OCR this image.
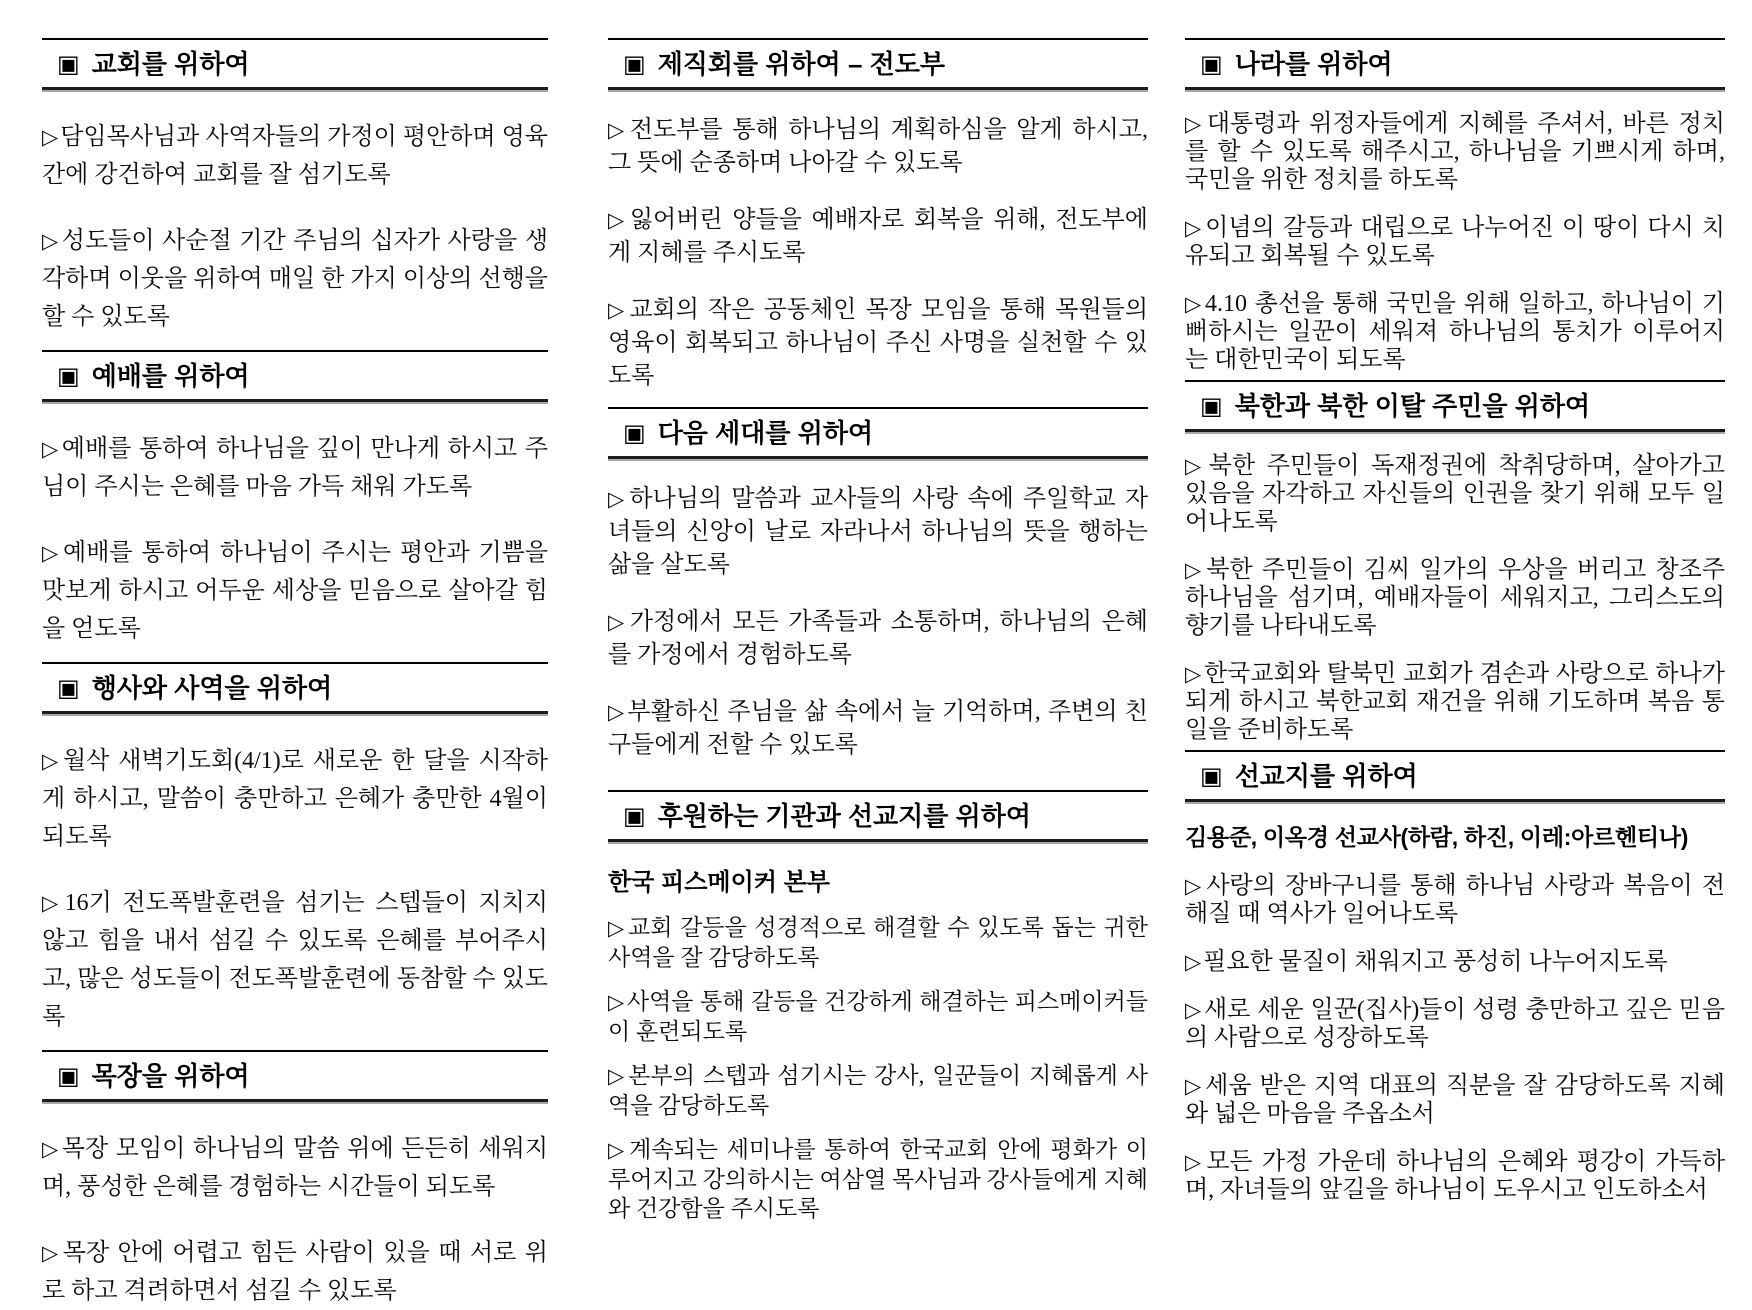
▣ 교회를 위하여

▷담임목사님과 사역자들의 가정이 평안하며 영육 간에 강건하여 교회를 잘 섬기도록

▷성도들이 사순절 기간 주님의 십자가 사랑을 생각하며 이웃을 위하여 매일 한 가지 이상의 선행을 할 수 있도록

▣ 예배를 위하여

▷예배를 통하여 하나님을 깊이 만나게 하시고 주님이 주시는 은혜를 마음 가득 채워 가도록

▷예배를 통하여 하나님이 주시는 평안과 기쁨을 맛보게 하시고 어두운 세상을 믿음으로 살아갈 힘을 얻도록

▣ 행사와 사역을 위하여

▷월삭 새벽기도회(4/1)로 새로운 한 달을 시작하게 하시고, 말씀이 충만하고 은혜가 충만한 4월이 되도록

▷16기 전도폭발훈련을 섬기는 스텝들이 지치지 않고 힘을 내서 섬길 수 있도록 은혜를 부어주시고, 많은 성도들이 전도폭발훈련에 동참할 수 있도록

▣ 목장을 위하여

▷목장 모임이 하나님의 말씀 위에 든든히 세워지며, 풍성한 은혜를 경험하는 시간들이 되도록

▷목장 안에 어렵고 힘든 사람이 있을 때 서로 위로 하고 격려하면서 섬길 수 있도록

▣ 제직회를 위하여 – 전도부

▷전도부를 통해 하나님의 계획하심을 알게 하시고, 그 뜻에 순종하며 나아갈 수 있도록

▷잃어버린 양들을 예배자로 회복을 위해, 전도부에게 지혜를 주시도록

▷교회의 작은 공동체인 목장 모임을 통해 목원들의 영육이 회복되고 하나님이 주신 사명을 실천할 수 있도록

▣ 다음 세대를 위하여

▷하나님의 말씀과 교사들의 사랑 속에 주일학교 자녀들의 신앙이 날로 자라나서 하나님의 뜻을 행하는 삶을 살도록

▷가정에서 모든 가족들과 소통하며, 하나님의 은혜를 가정에서 경험하도록

▷부활하신 주님을 삶 속에서 늘 기억하며, 주변의 친구들에게 전할 수 있도록

▣ 후원하는 기관과 선교지를 위하여
한국 피스메이커 본부

▷교회 갈등을 성경적으로 해결할 수 있도록 돕는 귀한 사역을 잘 감당하도록

▷사역을 통해 갈등을 건강하게 해결하는 피스메이커들이 훈련되도록

▷본부의 스텝과 섬기시는 강사, 일꾼들이 지혜롭게 사역을 감당하도록

▷계속되는 세미나를 통하여 한국교회 안에 평화가 이루어지고 강의하시는 여삼열 목사님과 강사들에게 지혜와 건강함을 주시도록

▣ 나라를 위하여

▷대통령과 위정자들에게 지혜를 주셔서, 바른 정치를 할 수 있도록 해주시고, 하나님을 기쁘시게 하며, 국민을 위한 정치를 하도록

▷이념의 갈등과 대립으로 나누어진 이 땅이 다시 치유되고 회복될 수 있도록

▷4.10 총선을 통해 국민을 위해 일하고, 하나님이 기뻐하시는 일꾼이 세워져 하나님의 통치가 이루어지는 대한민국이 되도록

▣ 북한과 북한 이탈 주민을 위하여

▷북한 주민들이 독재정권에 착취당하며, 살아가고 있음을 자각하고 자신들의 인권을 찾기 위해 모두 일어나도록

▷북한 주민들이 김씨 일가의 우상을 버리고 창조주 하나님을 섬기며, 예배자들이 세워지고, 그리스도의 향기를 나타내도록

▷한국교회와 탈북민 교회가 겸손과 사랑으로 하나가 되게 하시고 북한교회 재건을 위해 기도하며 복음 통일을 준비하도록

▣ 선교지를 위하여
김용준, 이옥경 선교사(하람, 하진, 이레:아르헨티나)

▷사랑의 장바구니를 통해 하나님 사랑과 복음이 전해질 때 역사가 일어나도록

▷필요한 물질이 채워지고 풍성히 나누어지도록

▷새로 세운 일꾼(집사)들이 성령 충만하고 깊은 믿음의 사람으로 성장하도록

▷세움 받은 지역 대표의 직분을 잘 감당하도록 지혜와 넓은 마음을 주옵소서

▷모든 가정 가운데 하나님의 은혜와 평강이 가득하며, 자녀들의 앞길을 하나님이 도우시고 인도하소서
